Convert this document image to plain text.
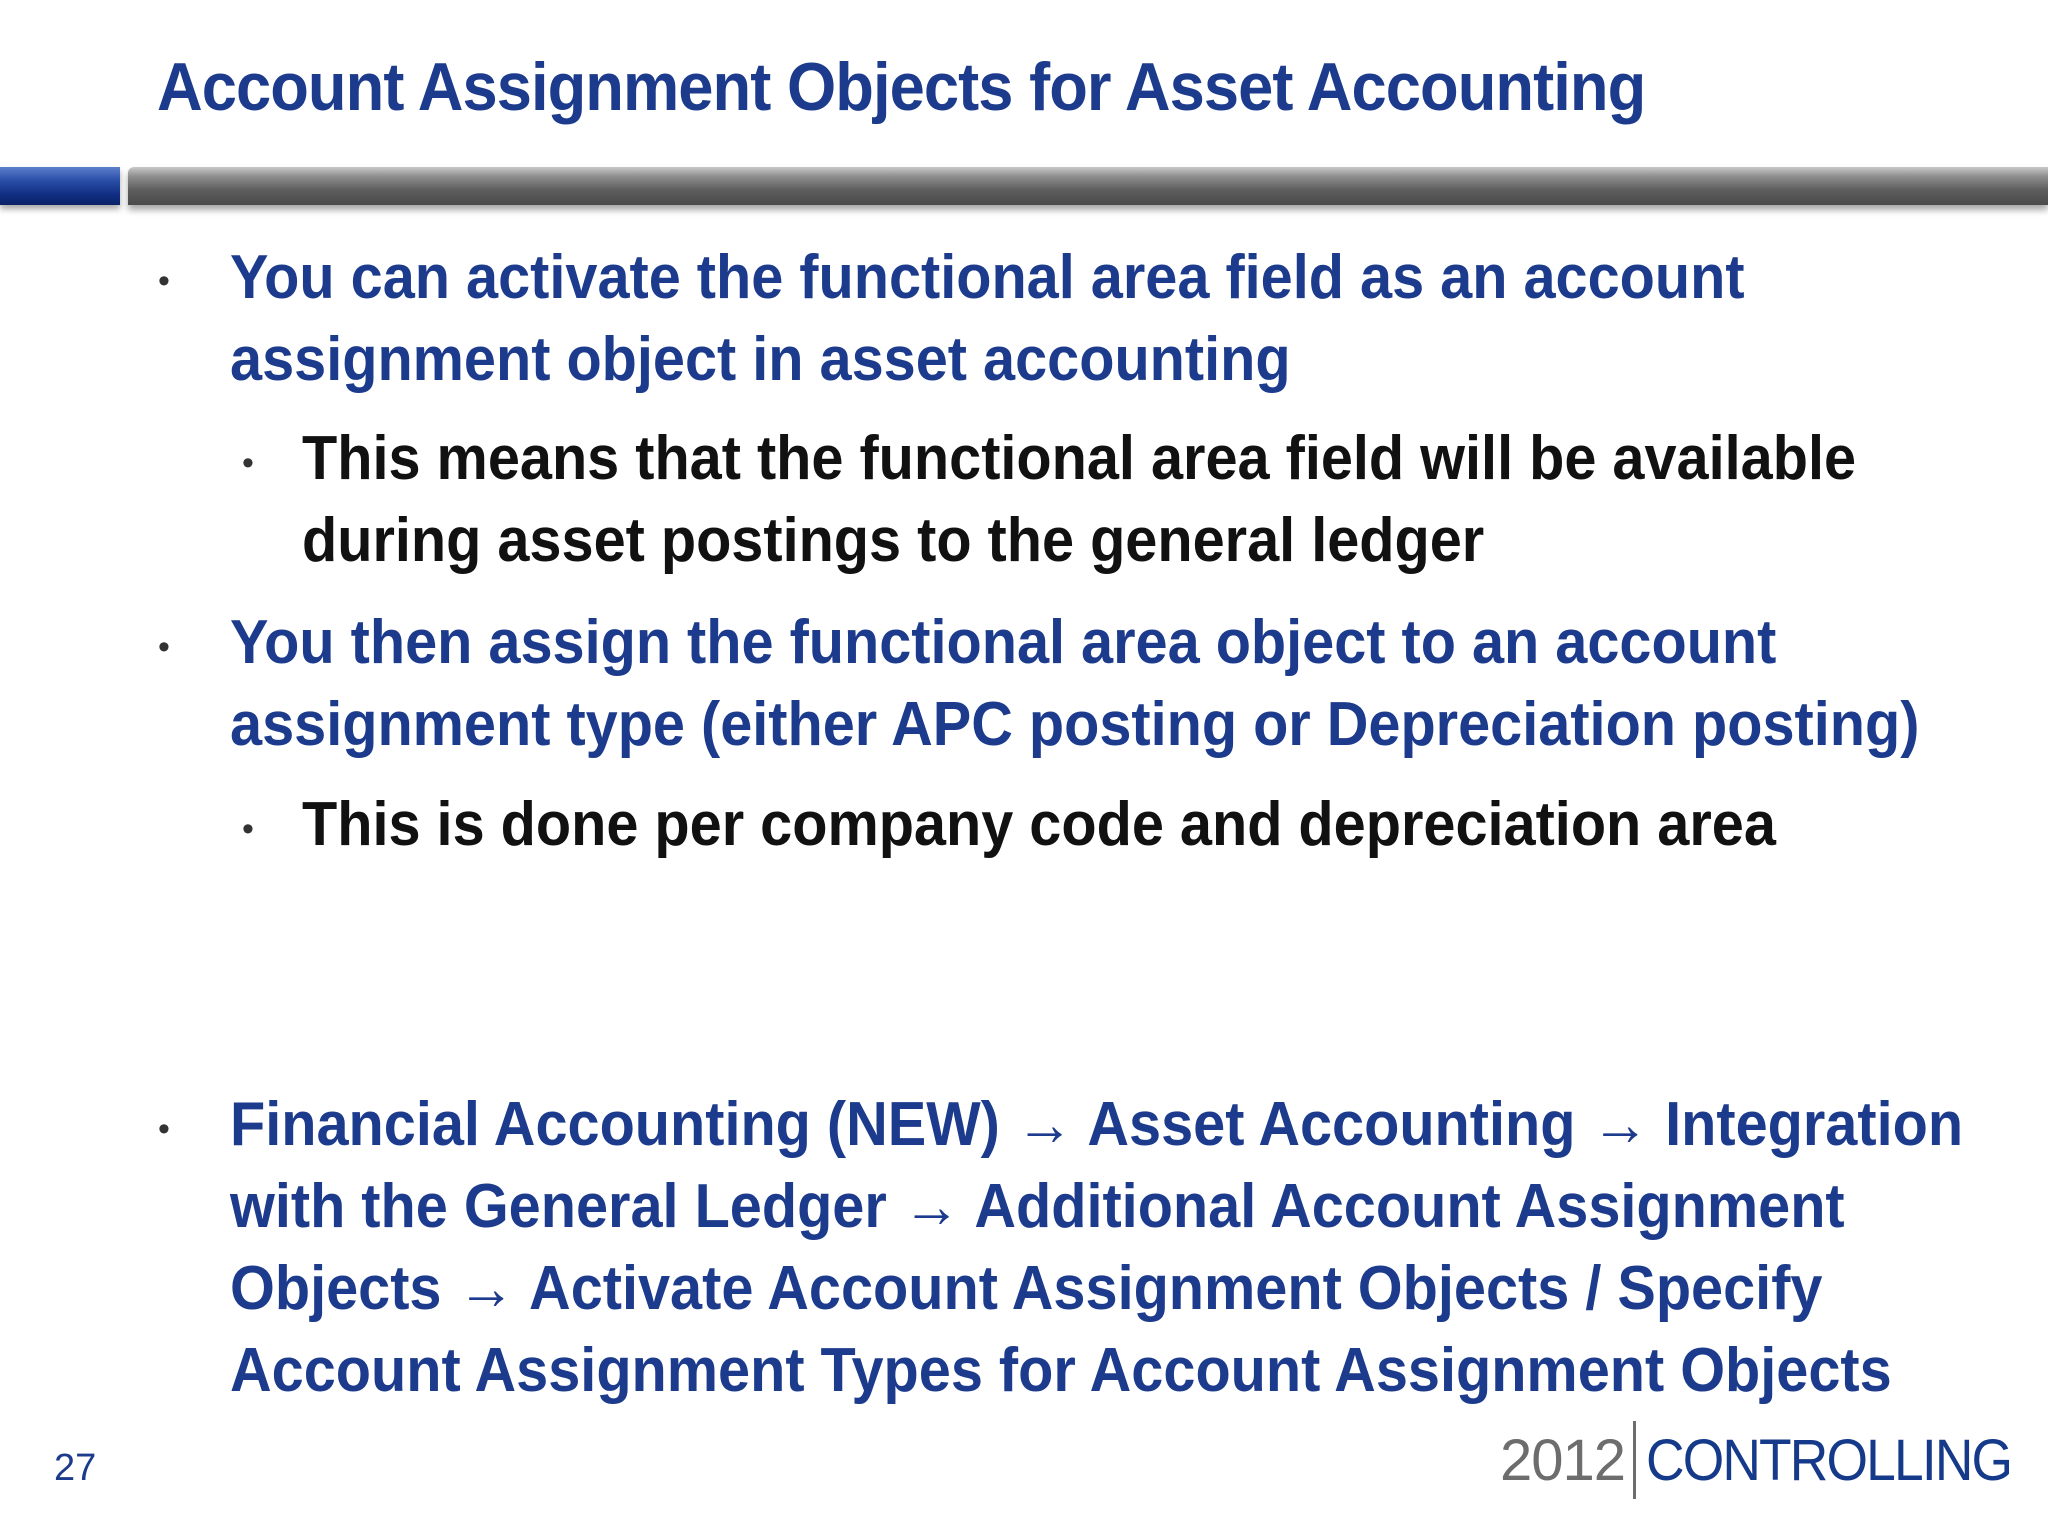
Account Assignment Objects for Asset Accounting
• You can activate the functional area field as an account
assignment object in asset accounting
• This means that the functional area field will be available
during asset postings to the general ledger
• You then assign the functional area object to an account
assignment type (either APC posting or Depreciation posting)
• This is done per company code and depreciation area
• Financial Accounting (NEW) → Asset Accounting → Integration
with the General Ledger → Additional Account Assignment
Objects → Activate Account Assignment Objects / Specify
Account Assignment Types for Account Assignment Objects
27	2012 CONTROLLING
